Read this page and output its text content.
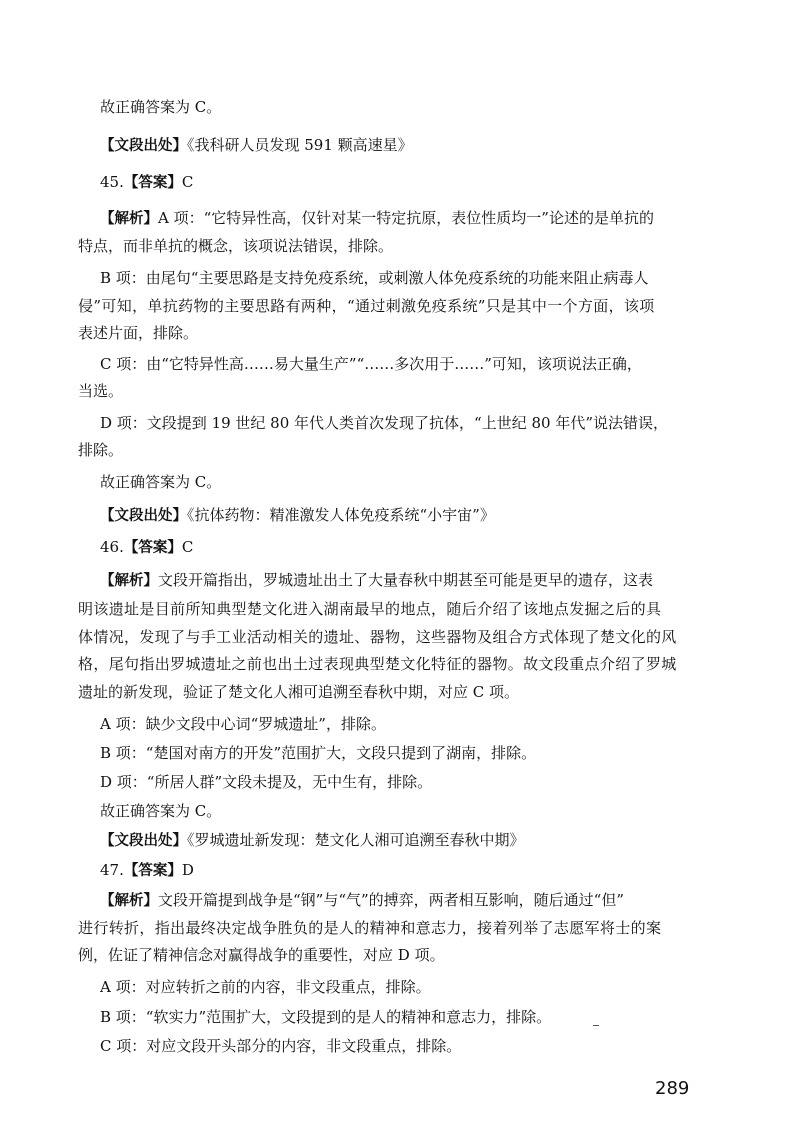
故正确答案为 C。
【文段出处】《我科研人员发现 591 颗高速星》
45.【答案】C
【解析】A 项：“它特异性高，仅针对某一特定抗原，表位性质均一”论述的是单抗的
特点，而非单抗的概念，该项说法错误，排除。
B 项：由尾句“主要思路是支持免疫系统，或刺激人体免疫系统的功能来阻止病毒人
侵”可知，单抗药物的主要思路有两种，“通过刺激免疫系统”只是其中一个方面，该项
表述片面，排除。
C 项：由“它特异性高……易大量生产”“……多次用于……”可知，该项说法正确，
当选。
D 项：文段提到 19 世纪 80 年代人类首次发现了抗体，“上世纪 80 年代”说法错误，
排除。
故正确答案为 C。
【文段出处】《抗体药物：精准激发人体免疫系统“小宇宙”》
46.【答案】C
【解析】文段开篇指出，罗城遗址出土了大量春秋中期甚至可能是更早的遗存，这表
明该遗址是目前所知典型楚文化进入湖南最早的地点，随后介绍了该地点发掘之后的具
体情况，发现了与手工业活动相关的遗址、器物，这些器物及组合方式体现了楚文化的风
格，尾句指出罗城遗址之前也出土过表现典型楚文化特征的器物。故文段重点介绍了罗城
遗址的新发现，验证了楚文化人湘可追溯至春秋中期，对应 C 项。
A 项：缺少文段中心词“罗城遗址”，排除。
B 项：“楚国对南方的开发”范围扩大，文段只提到了湖南，排除。
D 项：“所居人群”文段未提及，无中生有，排除。
故正确答案为 C。
【文段出处】《罗城遗址新发现：楚文化人湘可追溯至春秋中期》
47.【答案】D
【解析】文段开篇提到战争是“钢”与“气”的搏弈，两者相互影响，随后通过“但”
进行转折，指出最终决定战争胜负的是人的精神和意志力，接着列举了志愿军将士的案
例，佐证了精神信念对赢得战争的重要性，对应 D 项。
A 项：对应转折之前的内容，非文段重点，排除。
B 项：“软实力”范围扩大，文段提到的是人的精神和意志力，排除。
C 项：对应文段开头部分的内容，非文段重点，排除。
289
